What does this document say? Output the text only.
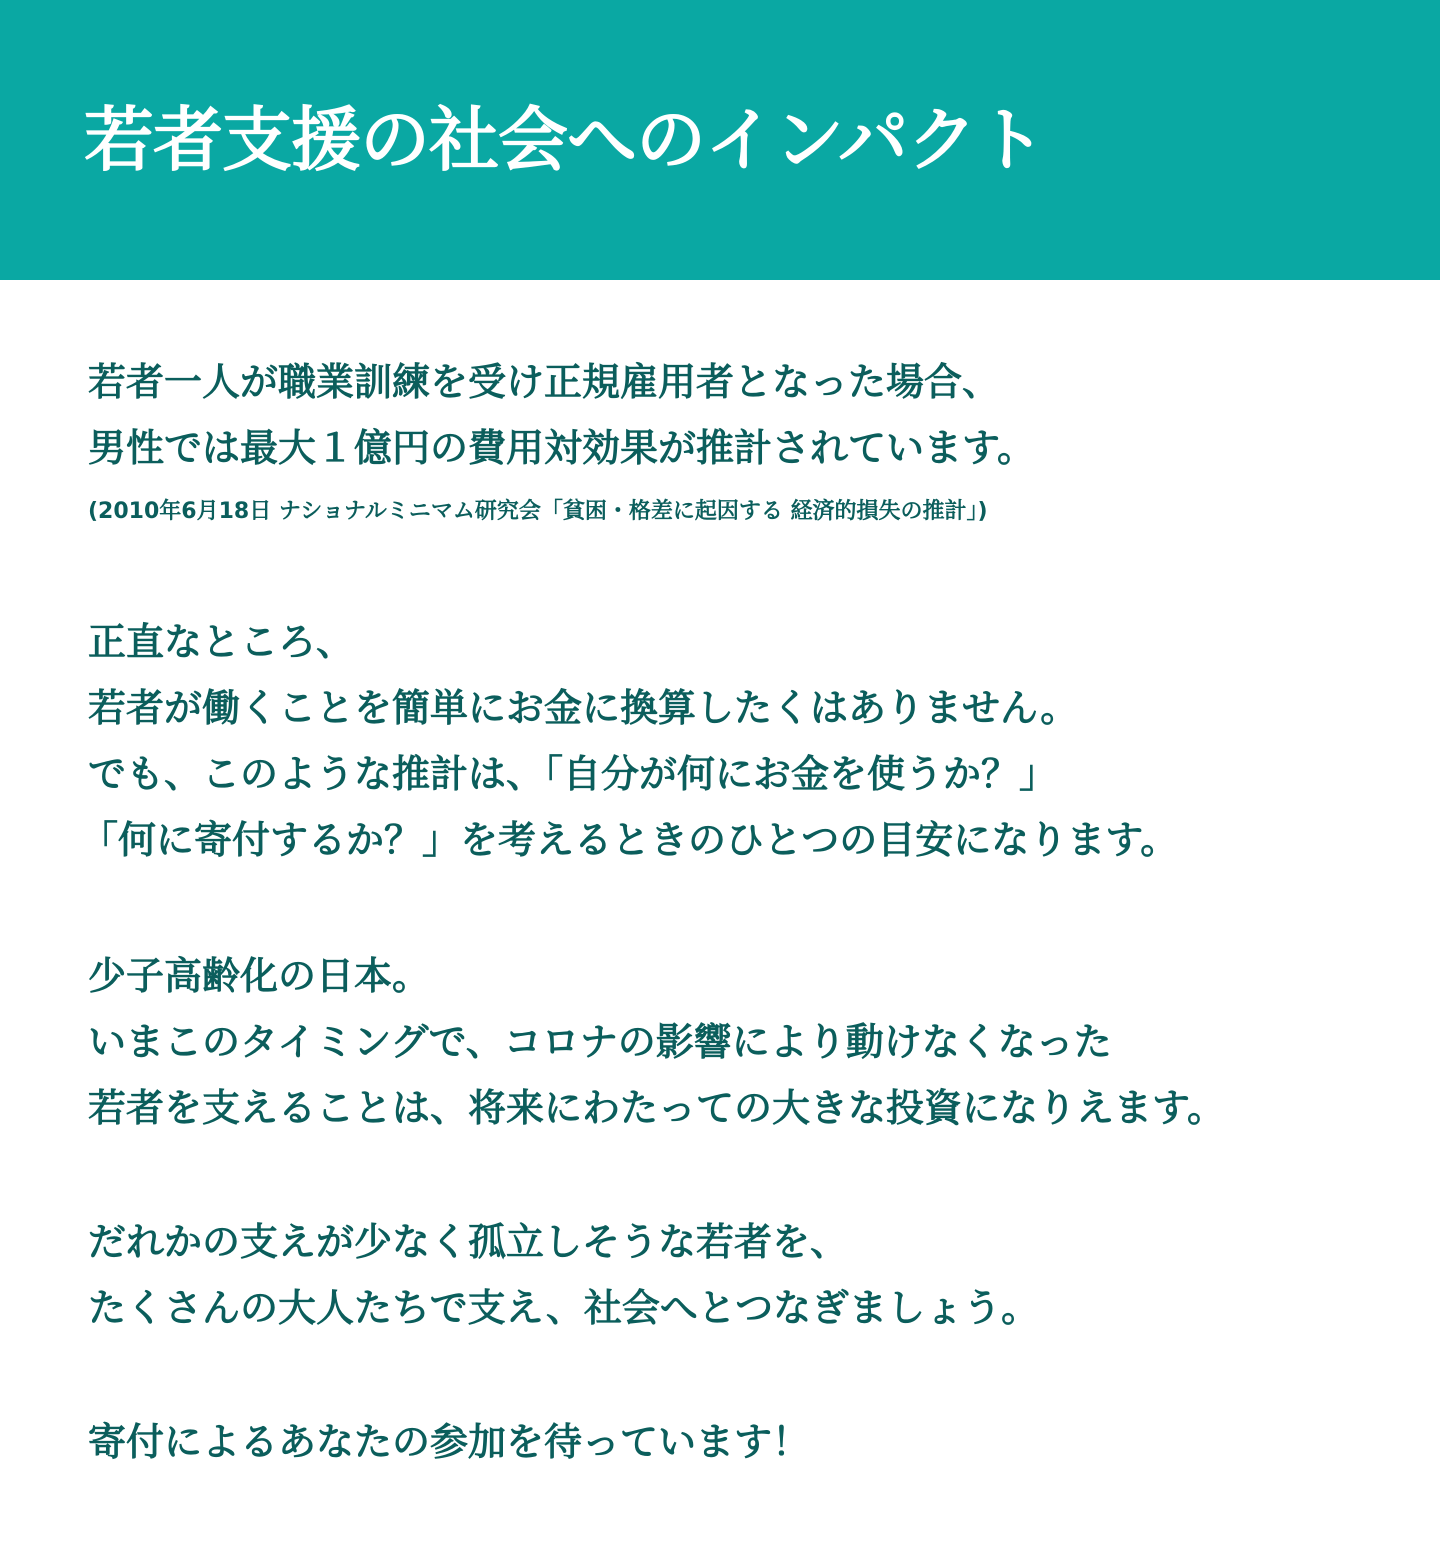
若者支援の社会へのインパクト

若者一人が職業訓練を受け正規雇用者となった場合、

男性では最大１億円の費用対効果が推計されています。

(2010年6月18日 ナショナルミニマム研究会「貧困・格差に起因する 経済的損失の推計」)

正直なところ、

若者が働くことを簡単にお金に換算したくはありません。

でも、このような推計は、「自分が何にお金を使うか？」

「何に寄付するか？」を考えるときのひとつの目安になります。

少子高齢化の日本。

いまこのタイミングで、コロナの影響により動けなくなった

若者を支えることは、将来にわたっての大きな投資になりえます。

だれかの支えが少なく孤立しそうな若者を、

たくさんの大人たちで支え、社会へとつなぎましょう。

寄付によるあなたの参加を待っています！
